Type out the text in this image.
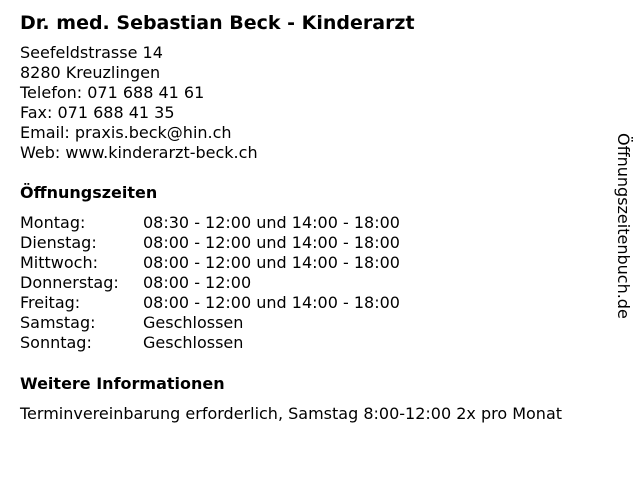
Dr. med. Sebastian Beck - Kinderarzt
Seefeldstrasse 14
8280 Kreuzlingen
Telefon: 071 688 41 61
Fax: 071 688 41 35
Email: praxis.beck@hin.ch
Web: www.kinderarzt-beck.ch
Öffnungszeiten
Montag:	08:30 - 12:00 und 14:00 - 18:00
Dienstag:	08:00 - 12:00 und 14:00 - 18:00
Mittwoch:	08:00 - 12:00 und 14:00 - 18:00
Donnerstag:	08:00 - 12:00
Freitag:	08:00 - 12:00 und 14:00 - 18:00
Samstag:	Geschlossen
Sonntag:	Geschlossen
Weitere Informationen
Terminvereinbarung erforderlich, Samstag 8:00-12:00 2x pro Monat
Öffnungszeitenbuch.de
